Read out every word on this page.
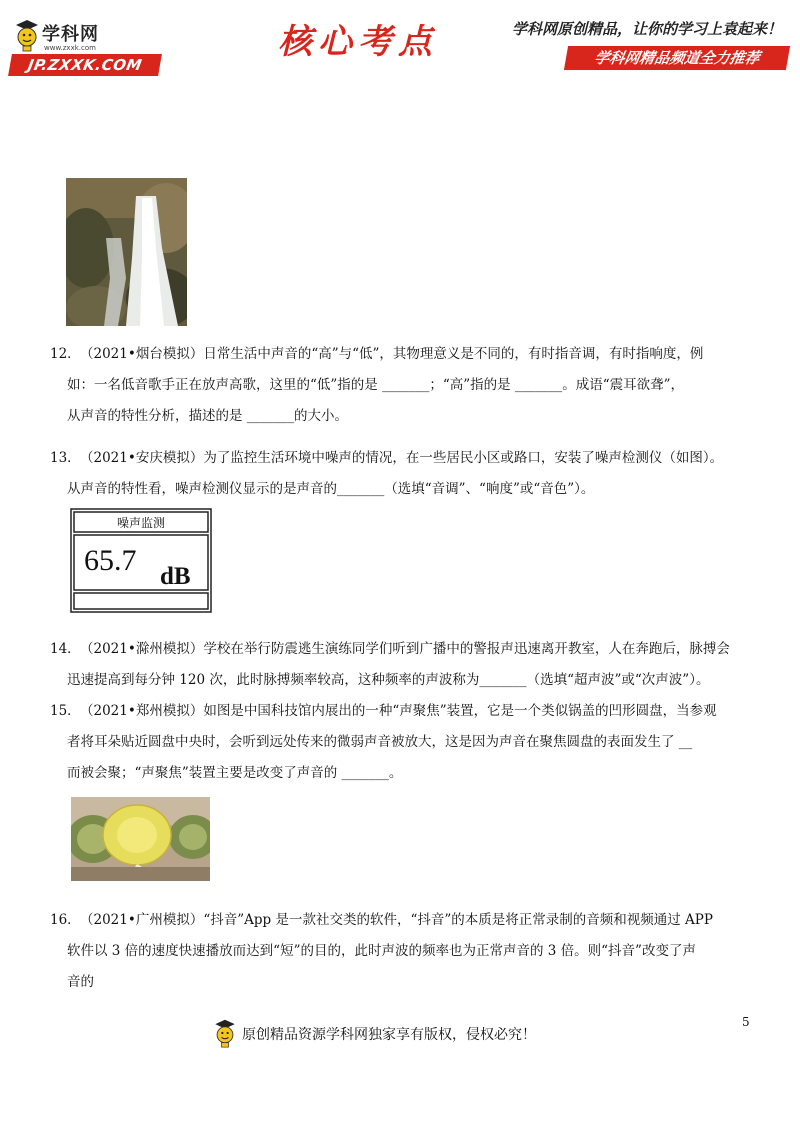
学科网
www.zxxk.com
JP.ZXXK.COM
核心考点	学科网原创精品，让你的学习上袁起来！
学科网精品频道全力推荐
12．（2021•烟台模拟）日常生活中声音的“高”与“低”，其物理意义是不同的，有时指音调，有时指响度，例
如：一名低音歌手正在放声高歌，这里的“低”指的是 _______；“高”指的是 _______。成语“震耳欲聋”，
从声音的特性分析，描述的是 _______的大小。
13．（2021•安庆模拟）为了监控生活环境中噪声的情况，在一些居民小区或路口，安装了噪声检测仪（如图）。
从声音的特性看，噪声检测仪显示的是声音的_______（选填“音调”、“响度”或“音色”）。
噪声监测
65.7 dB
14．（2021•滁州模拟）学校在举行防震逃生演练同学们听到广播中的警报声迅速离开教室，人在奔跑后，脉搏会
迅速提高到每分钟 120 次，此时脉搏频率较高，这种频率的声波称为_______（选填“超声波”或“次声波”）。
15．（2021•郑州模拟）如图是中国科技馆内展出的一种“声聚焦”装置，它是一个类似锅盖的凹形圆盘，当参观
者将耳朵贴近圆盘中央时，会听到远处传来的微弱声音被放大，这是因为声音在聚焦圆盘的表面发生了 __
而被会聚；“声聚焦”装置主要是改变了声音的 _______。
16．（2021•广州模拟）“抖音”App 是一款社交类的软件，“抖音”的本质是将正常录制的音频和视频通过 APP
软件以 3 倍的速度快速播放而达到“短”的目的，此时声波的频率也为正常声音的 3 倍。则“抖音”改变了声
音的
原创精品资源学科网独家享有版权，侵权必究！
5
